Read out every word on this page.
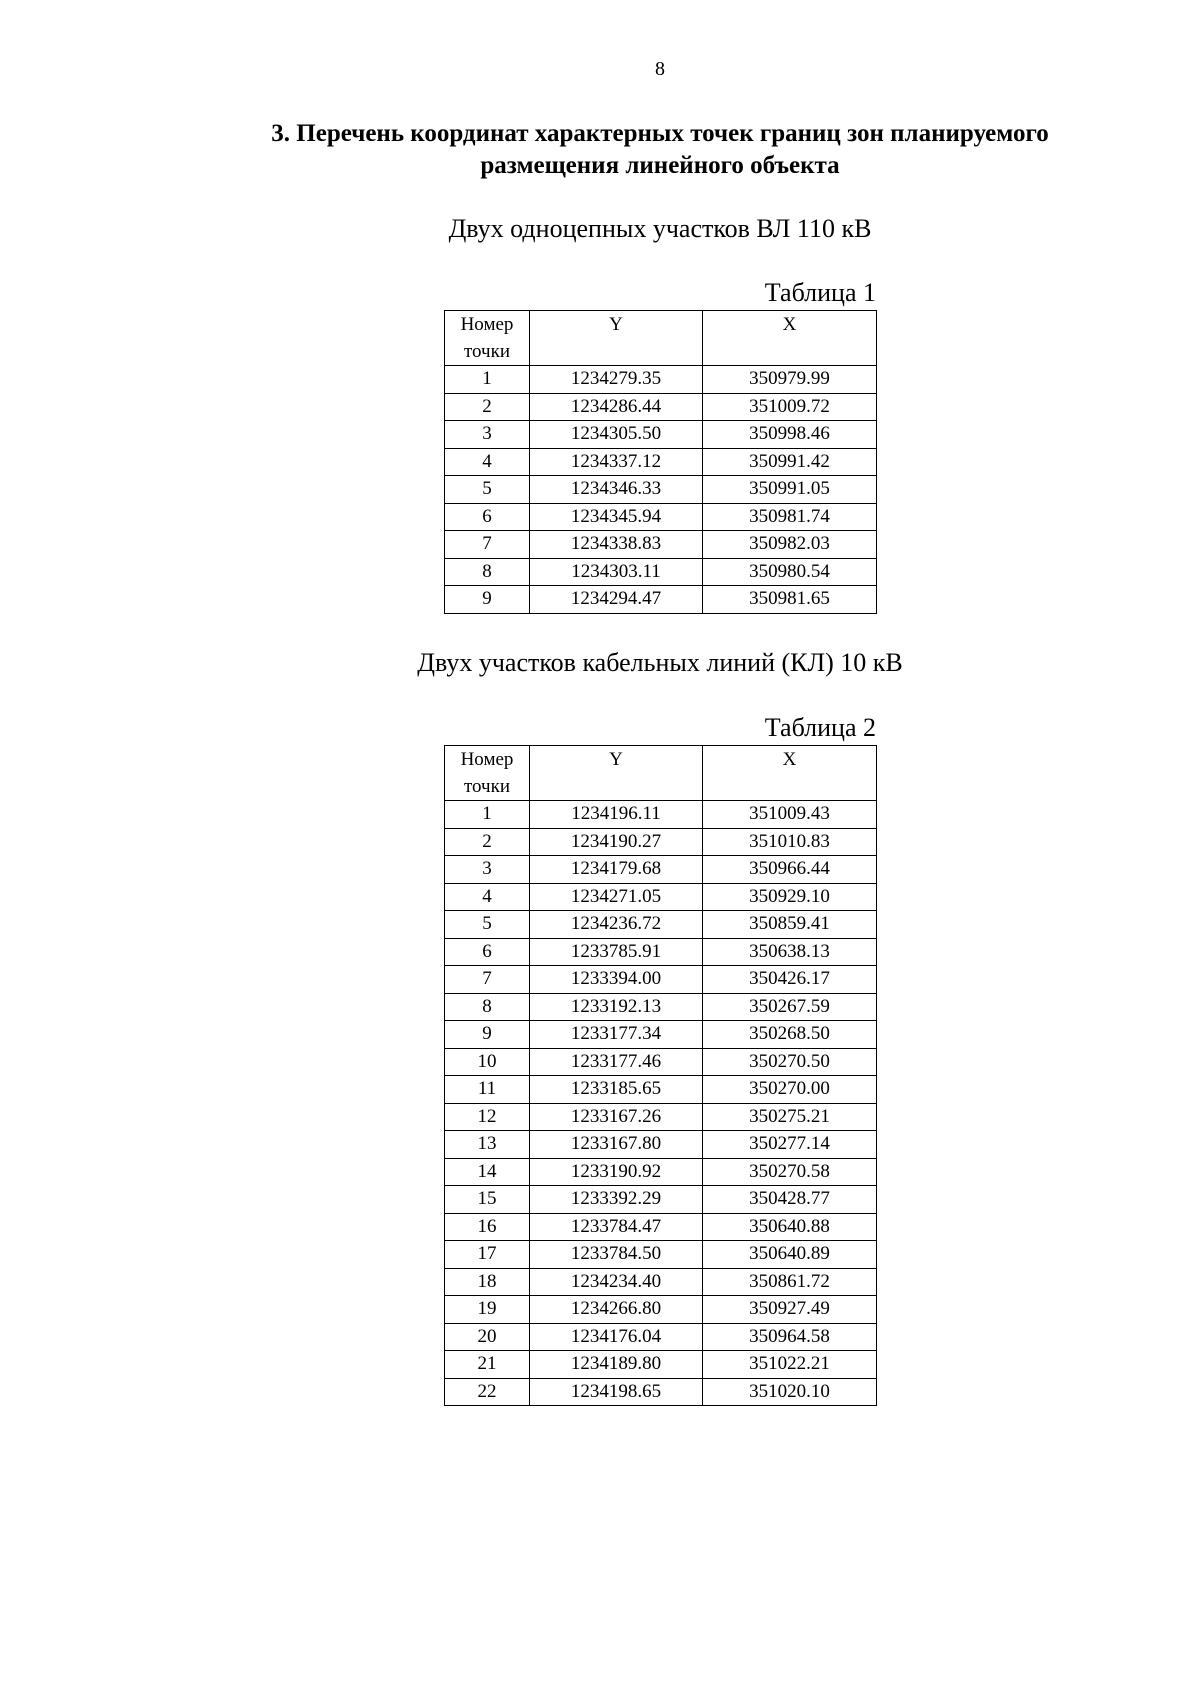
8
3. Перечень координат характерных точек границ зон планируемого размещения линейного объекта
Двух одноцепных участков ВЛ 110 кВ
Таблица 1
Номер точки	Y	X
1	1234279.35	350979.99
2	1234286.44	351009.72
3	1234305.50	350998.46
4	1234337.12	350991.42
5	1234346.33	350991.05
6	1234345.94	350981.74
7	1234338.83	350982.03
8	1234303.11	350980.54
9	1234294.47	350981.65
Двух участков кабельных линий (КЛ) 10 кВ
Таблица 2
Номер точки	Y	X
1	1234196.11	351009.43
2	1234190.27	351010.83
3	1234179.68	350966.44
4	1234271.05	350929.10
5	1234236.72	350859.41
6	1233785.91	350638.13
7	1233394.00	350426.17
8	1233192.13	350267.59
9	1233177.34	350268.50
10	1233177.46	350270.50
11	1233185.65	350270.00
12	1233167.26	350275.21
13	1233167.80	350277.14
14	1233190.92	350270.58
15	1233392.29	350428.77
16	1233784.47	350640.88
17	1233784.50	350640.89
18	1234234.40	350861.72
19	1234266.80	350927.49
20	1234176.04	350964.58
21	1234189.80	351022.21
22	1234198.65	351020.10
